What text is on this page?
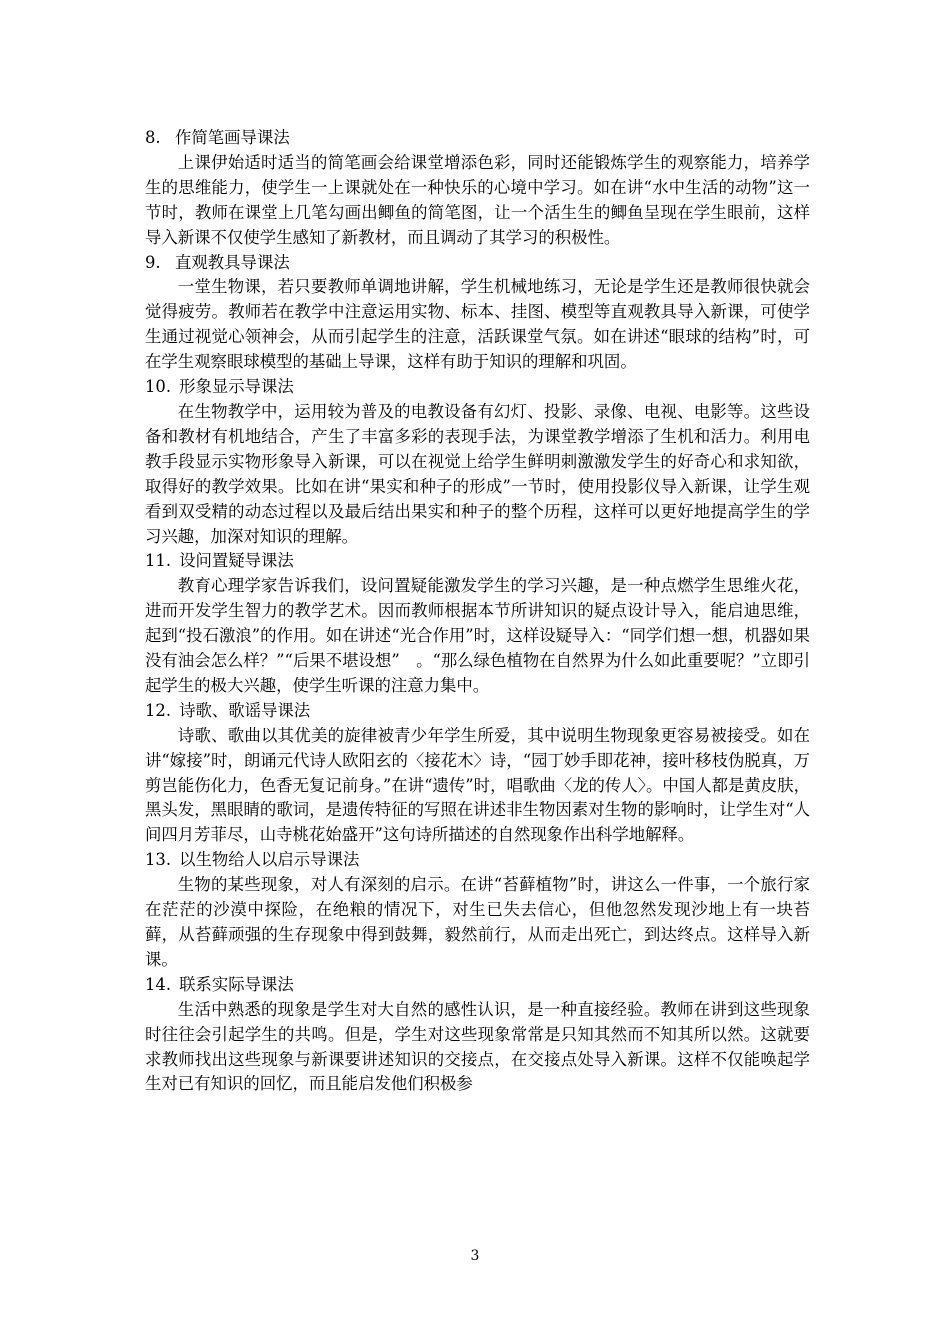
8. 作简笔画导课法

上课伊始适时适当的简笔画会给课堂增添色彩，同时还能锻炼学生的观察能力，培养学生的思维能力，使学生一上课就处在一种快乐的心境中学习。如在讲“水中生活的动物”这一节时，教师在课堂上几笔勾画出鲫鱼的简笔图，让一个活生生的鲫鱼呈现在学生眼前，这样导入新课不仅使学生感知了新教材，而且调动了其学习的积极性。

9. 直观教具导课法

一堂生物课，若只要教师单调地讲解，学生机械地练习，无论是学生还是教师很快就会觉得疲劳。教师若在教学中注意运用实物、标本、挂图、模型等直观教具导入新课，可使学生通过视觉心领神会，从而引起学生的注意，活跃课堂气氛。如在讲述“眼球的结构”时，可在学生观察眼球模型的基础上导课，这样有助于知识的理解和巩固。

10. 形象显示导课法

在生物教学中，运用较为普及的电教设备有幻灯、投影、录像、电视、电影等。这些设备和教材有机地结合，产生了丰富多彩的表现手法，为课堂教学增添了生机和活力。利用电教手段显示实物形象导入新课，可以在视觉上给学生鲜明刺激激发学生的好奇心和求知欲，取得好的教学效果。比如在讲“果实和种子的形成”一节时，使用投影仪导入新课，让学生观看到双受精的动态过程以及最后结出果实和种子的整个历程，这样可以更好地提高学生的学习兴趣，加深对知识的理解。

11. 设问置疑导课法

教育心理学家告诉我们，设问置疑能激发学生的学习兴趣，是一种点燃学生思维火花，进而开发学生智力的教学艺术。因而教师根据本节所讲知识的疑点设计导入，能启迪思维，起到“投石激浪”的作用。如在讲述“光合作用”时，这样设疑导入：“同学们想一想，机器如果没有油会怎么样？”“后果不堪设想”　。“那么绿色植物在自然界为什么如此重要呢？”立即引起学生的极大兴趣，使学生听课的注意力集中。

12. 诗歌、歌谣导课法

诗歌、歌曲以其优美的旋律被青少年学生所爱，其中说明生物现象更容易被接受。如在讲“嫁接”时，朗诵元代诗人欧阳玄的〈接花木〉诗，“园丁妙手即花神，接叶移枝伪脱真，万剪岂能伤化力，色香无复记前身。”在讲“遗传”时，唱歌曲〈龙的传人〉。中国人都是黄皮肤，黑头发，黑眼睛的歌词，是遗传特征的写照在讲述非生物因素对生物的影响时，让学生对“人间四月芳菲尽，山寺桃花始盛开”这句诗所描述的自然现象作出科学地解释。

13. 以生物给人以启示导课法

生物的某些现象，对人有深刻的启示。在讲“苔藓植物”时，讲这么一件事，一个旅行家在茫茫的沙漠中探险，在绝粮的情况下，对生已失去信心，但他忽然发现沙地上有一块苔藓，从苔藓顽强的生存现象中得到鼓舞，毅然前行，从而走出死亡，到达终点。这样导入新课。

14. 联系实际导课法

生活中熟悉的现象是学生对大自然的感性认识，是一种直接经验。教师在讲到这些现象时往往会引起学生的共鸣。但是，学生对这些现象常常是只知其然而不知其所以然。这就要求教师找出这些现象与新课要讲述知识的交接点，在交接点处导入新课。这样不仅能唤起学生对已有知识的回忆，而且能启发他们积极参

3
